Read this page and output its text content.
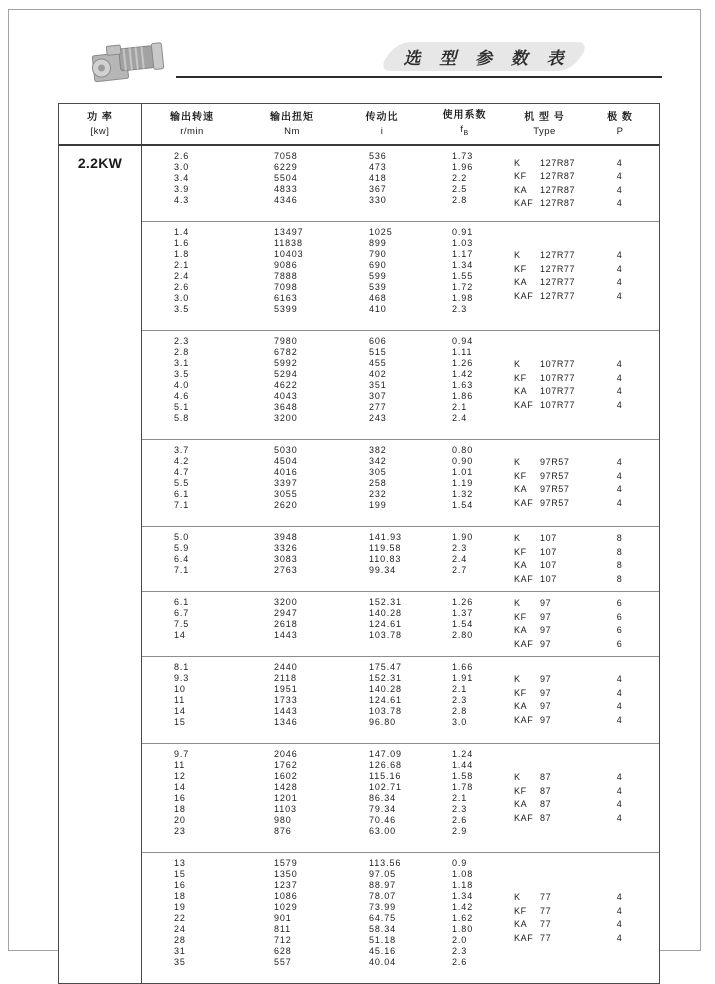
选 型 参 数 表
功 率
[kw]
输出转速
r/min
输出扭矩
Nm
传动比
i
使用系数
$f_B$
机 型 号
Type
极 数
P
2.2KW	2.6
3.0
3.4
3.9
4.3
7058
6229
5504
4833
4346
536
473
418
367
330
1.73
1.96
2.2
2.5
2.8
K 127R87
KF 127R87
KA 127R87
KAF 127R87
4
4
4
4
1.4
1.6
1.8
2.1
2.4
2.6
3.0
3.5
13497
11838
10403
9086
7888
7098
6163
5399
1025
899
790
690
599
539
468
410
0.91
1.03
1.17
1.34
1.55
1.72
1.98
2.3
K 127R77
KF 127R77
KA 127R77
KAF 127R77
4
4
4
4
2.3
2.8
3.1
3.5
4.0
4.6
5.1
5.8
7980
6782
5992
5294
4622
4043
3648
3200
606
515
455
402
351
307
277
243
0.94
1.11
1.26
1.42
1.63
1.86
2.1
2.4
K 107R77
KF 107R77
KA 107R77
KAF 107R77
4
4
4
4
3.7
4.2
4.7
5.5
6.1
7.1
5030
4504
4016
3397
3055
2620
382
342
305
258
232
199
0.80
0.90
1.01
1.19
1.32
1.54
K 97R57
KF 97R57
KA 97R57
KAF 97R57
4
4
4
4
5.0
5.9
6.4
7.1
3948
3326
3083
2763
141.93
119.58
110.83
99.34
1.90
2.3
2.4
2.7
K 107
KF 107
KA 107
KAF 107
8
8
8
8
6.1
6.7
7.5
14
3200
2947
2618
1443
152.31
140.28
124.61
103.78
1.26
1.37
1.54
2.80
K 97
KF 97
KA 97
KAF 97
6
6
6
6
8.1
9.3
10
11
14
15
2440
2118
1951
1733
1443
1346
175.47
152.31
140.28
124.61
103.78
96.80
1.66
1.91
2.1
2.3
2.8
3.0
K 97
KF 97
KA 97
KAF 97
4
4
4
4
9.7
11
12
14
16
18
20
23
2046
1762
1602
1428
1201
1103
980
876
147.09
126.68
115.16
102.71
86.34
79.34
70.46
63.00
1.24
1.44
1.58
1.78
2.1
2.3
2.6
2.9
K 87
KF 87
KA 87
KAF 87
4
4
4
4
13
15
16
18
19
22
24
28
31
35
1579
1350
1237
1086
1029
901
811
712
628
557
113.56
97.05
88.97
78.07
73.99
64.75
58.34
51.18
45.16
40.04
0.9
1.08
1.18
1.34
1.42
1.62
1.80
2.0
2.3
2.6
K 77
KF 77
KA 77
KAF 77
4
4
4
4
